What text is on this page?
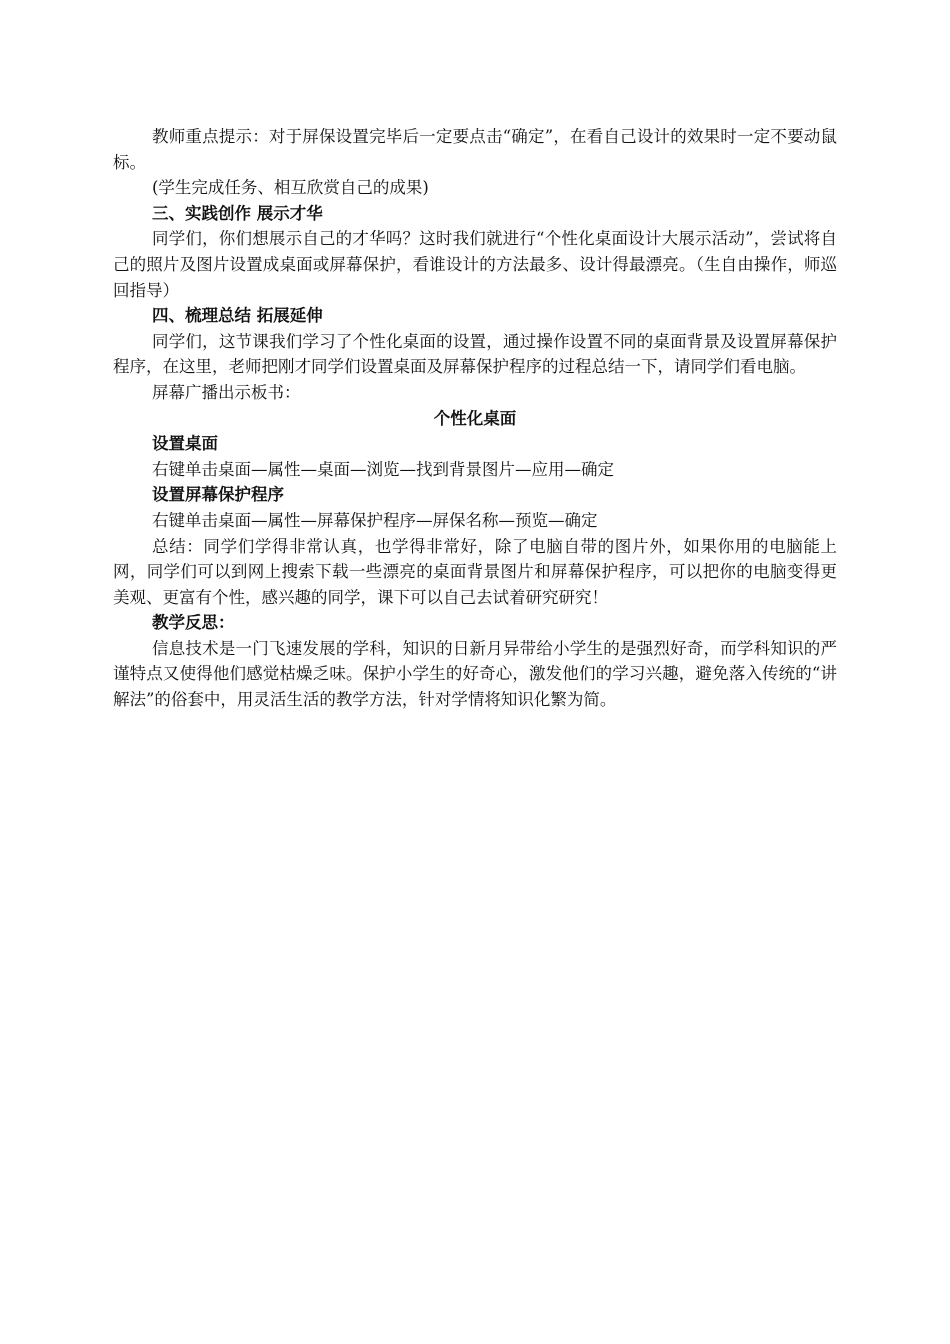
教师重点提示：对于屏保设置完毕后一定要点击“确定”，在看自己设计的效果时一定不要动鼠标。

(学生完成任务、相互欣赏自己的成果)

三、实践创作 展示才华

同学们，你们想展示自己的才华吗？这时我们就进行“个性化桌面设计大展示活动”，尝试将自己的照片及图片设置成桌面或屏幕保护，看谁设计的方法最多、设计得最漂亮。（生自由操作，师巡回指导）

四、梳理总结 拓展延伸

同学们，这节课我们学习了个性化桌面的设置，通过操作设置不同的桌面背景及设置屏幕保护程序，在这里，老师把刚才同学们设置桌面及屏幕保护程序的过程总结一下，请同学们看电脑。

屏幕广播出示板书：

个性化桌面

设置桌面

右键单击桌面—属性—桌面—浏览—找到背景图片—应用—确定

设置屏幕保护程序

右键单击桌面—属性—屏幕保护程序—屏保名称—预览—确定

总结：同学们学得非常认真，也学得非常好，除了电脑自带的图片外，如果你用的电脑能上网，同学们可以到网上搜索下载一些漂亮的桌面背景图片和屏幕保护程序，可以把你的电脑变得更美观、更富有个性，感兴趣的同学，课下可以自己去试着研究研究！

教学反思：

信息技术是一门飞速发展的学科，知识的日新月异带给小学生的是强烈好奇，而学科知识的严谨特点又使得他们感觉枯燥乏味。保护小学生的好奇心，激发他们的学习兴趣，避免落入传统的“讲解法”的俗套中，用灵活生活的教学方法，针对学情将知识化繁为简。
